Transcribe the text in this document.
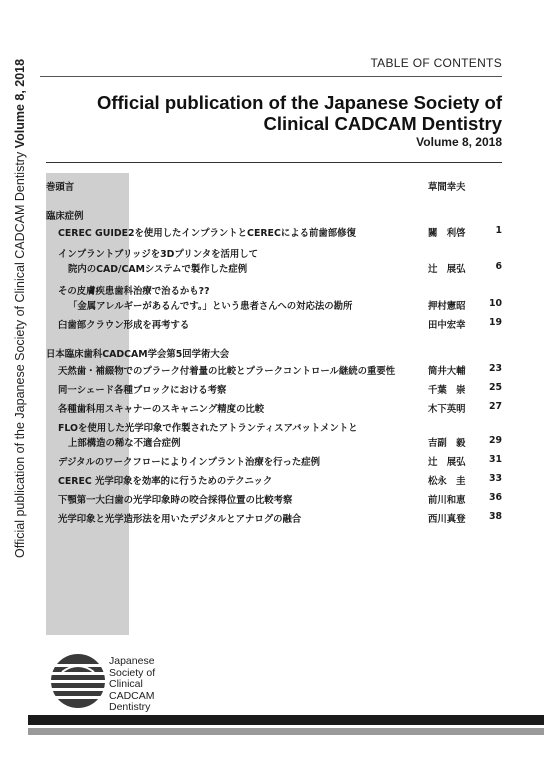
Official publication of the Japanese Society of Clinical CADCAM Dentistry Volume 8, 2018	TABLE OF CONTENTS
Official publication of the Japanese Society of
Clinical CADCAM Dentistry
Volume 8, 2018
巻頭言	草間幸夫
臨床症例
CEREC GUIDE2を使用したインプラントとCERECによる前歯部修復	關　利啓	1
インプラントブリッジを3Dプリンタを活用して
院内のCAD/CAMシステムで製作した症例	辻　展弘	6
その皮膚疾患歯科治療で治るかも??
「金属アレルギーがあるんです。」という患者さんへの対応法の勘所	押村憲昭 10
臼歯部クラウン形成を再考する	田中宏幸 19
日本臨床歯科CADCAM学会第5回学術大会
天然歯・補綴物でのプラーク付着量の比較とプラークコントロール継続の重要性	筒井大輔 23
同一シェード各種ブロックにおける考察	千葉　崇 25
各種歯科用スキャナーのスキャニング精度の比較	木下英明 27
FLOを使用した光学印象で作製されたアトランティスアバットメントと
上部構造の稀な不適合症例	吉副　毅 29
デジタルのワークフローによりインプラント治療を行った症例	辻　展弘 31
CEREC 光学印象を効率的に行うためのテクニック	松永　圭 33
下顎第一大臼歯の光学印象時の咬合採得位置の比較考察	前川和恵 36
光学印象と光学造形法を用いたデジタルとアナログの融合	西川真登 38
Japanese
Society of
Clinical
CADCAM
Dentistry
